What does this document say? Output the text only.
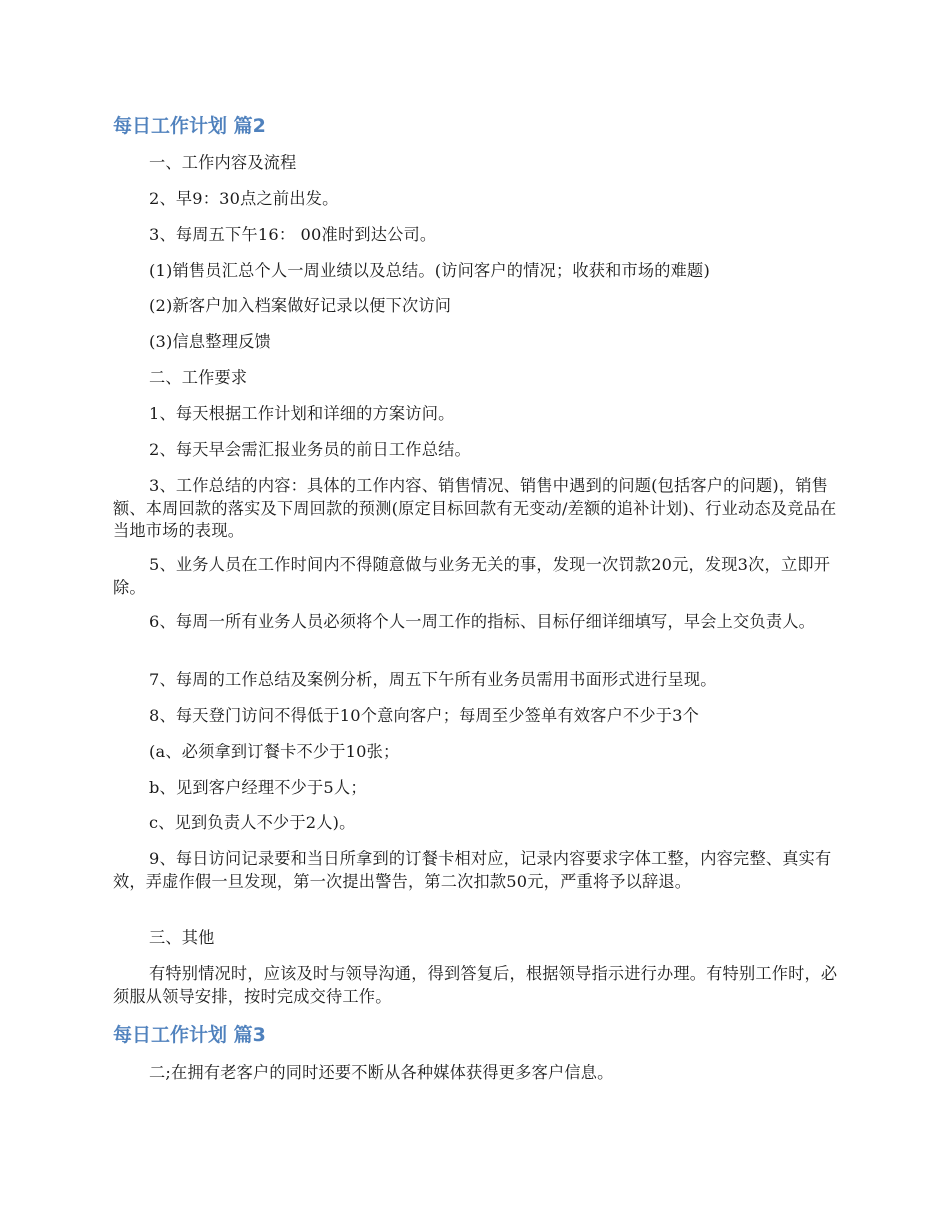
每日工作计划 篇2

一、工作内容及流程

2、早9：30点之前出发。

3、每周五下午16： 00准时到达公司。

(1)销售员汇总个人一周业绩以及总结。(访问客户的情况；收获和市场的难题)

(2)新客户加入档案做好记录以便下次访问

(3)信息整理反馈

二、工作要求

1、每天根据工作计划和详细的方案访问。

2、每天早会需汇报业务员的前日工作总结。

3、工作总结的内容：具体的工作内容、销售情况、销售中遇到的问题(包括客户的问题)，销售额、本周回款的落实及下周回款的预测(原定目标回款有无变动/差额的追补计划)、行业动态及竞品在当地市场的表现。

5、业务人员在工作时间内不得随意做与业务无关的事，发现一次罚款20元，发现3次，立即开除。

6、每周一所有业务人员必须将个人一周工作的指标、目标仔细详细填写，早会上交负责人。

7、每周的工作总结及案例分析，周五下午所有业务员需用书面形式进行呈现。

8、每天登门访问不得低于10个意向客户；每周至少签单有效客户不少于3个

(a、必须拿到订餐卡不少于10张；

b、见到客户经理不少于5人；

c、见到负责人不少于2人)。

9、每日访问记录要和当日所拿到的订餐卡相对应，记录内容要求字体工整，内容完整、真实有效，弄虚作假一旦发现，第一次提出警告，第二次扣款50元，严重将予以辞退。

三、其他

有特别情况时，应该及时与领导沟通，得到答复后，根据领导指示进行办理。有特别工作时，必须服从领导安排，按时完成交待工作。

每日工作计划 篇3

二;在拥有老客户的同时还要不断从各种媒体获得更多客户信息。
